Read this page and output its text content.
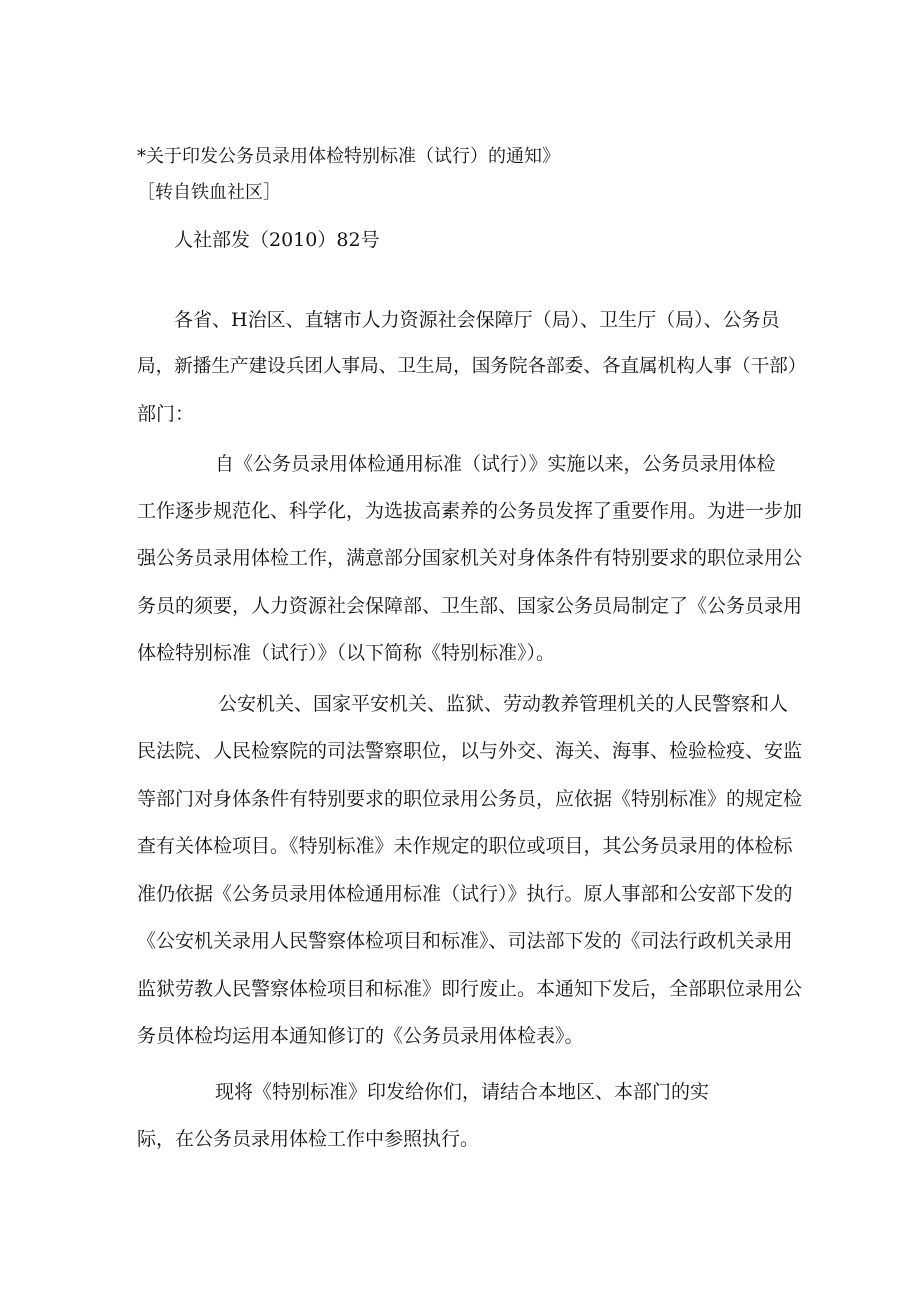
*关于印发公务员录用体检特别标准（试行）的通知》
［转自铁血社区］
人社部发（2010）82号
各省、H治区、直辖市人力资源社会保障厅（局）、卫生厅（局）、公务员
局，新播生产建设兵团人事局、卫生局，国务院各部委、各直属机构人事（干部）
部门：
自《公务员录用体检通用标准（试行）》实施以来，公务员录用体检
工作逐步规范化、科学化，为选拔高素养的公务员发挥了重要作用。为进一步加
强公务员录用体检工作，满意部分国家机关对身体条件有特别要求的职位录用公
务员的须要，人力资源社会保障部、卫生部、国家公务员局制定了《公务员录用
体检特别标准（试行）》（以下简称《特别标准》）。
公安机关、国家平安机关、监狱、劳动教养管理机关的人民警察和人
民法院、人民检察院的司法警察职位，以与外交、海关、海事、检验检疫、安监
等部门对身体条件有特别要求的职位录用公务员，应依据《特别标准》的规定检
查有关体检项目。《特别标准》未作规定的职位或项目，其公务员录用的体检标
准仍依据《公务员录用体检通用标准（试行）》执行。原人事部和公安部下发的
《公安机关录用人民警察体检项目和标准》、司法部下发的《司法行政机关录用
监狱劳教人民警察体检项目和标准》即行废止。本通知下发后，全部职位录用公
务员体检均运用本通知修订的《公务员录用体检表》。
现将《特别标准》印发给你们，请结合本地区、本部门的实
际，在公务员录用体检工作中参照执行。
